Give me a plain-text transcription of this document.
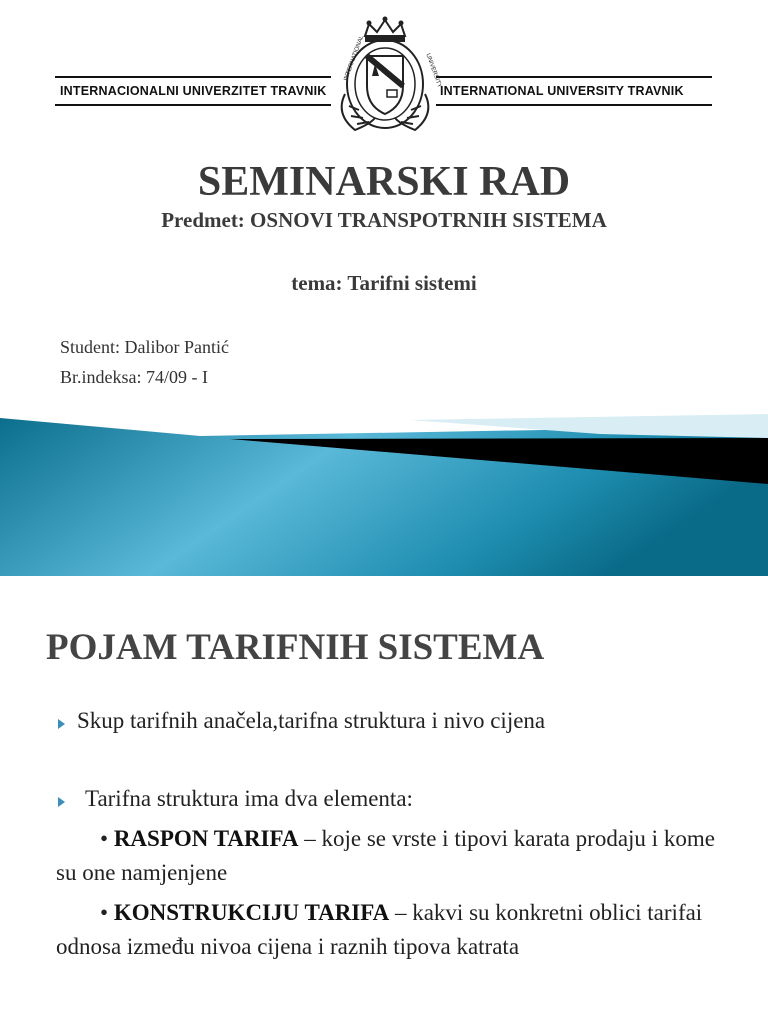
INTERNACIONALNI UNIVERZITET TRAVNIK	INTERNATIONAL UNIVERSITY TRAVNIK
INTERNATIONAL	UNIVERSITY
SEMINARSKI RAD
Predmet: OSNOVI TRANSPOTRNIH SISTEMA
tema: Tarifni sistemi
Student: Dalibor Pantić
Br.indeksa: 74/09 - I
POJAM TARIFNIH SISTEMA
Skup tarifnih anačela,tarifna struktura i nivo cijena
Tarifna struktura ima dva elementa:
• RASPON TARIFA – koje se vrste i tipovi karata prodaju i kome su one namjenjene
• KONSTRUKCIJU TARIFA – kakvi su konkretni oblici tarifai odnosa između nivoa cijena i raznih tipova katrata
